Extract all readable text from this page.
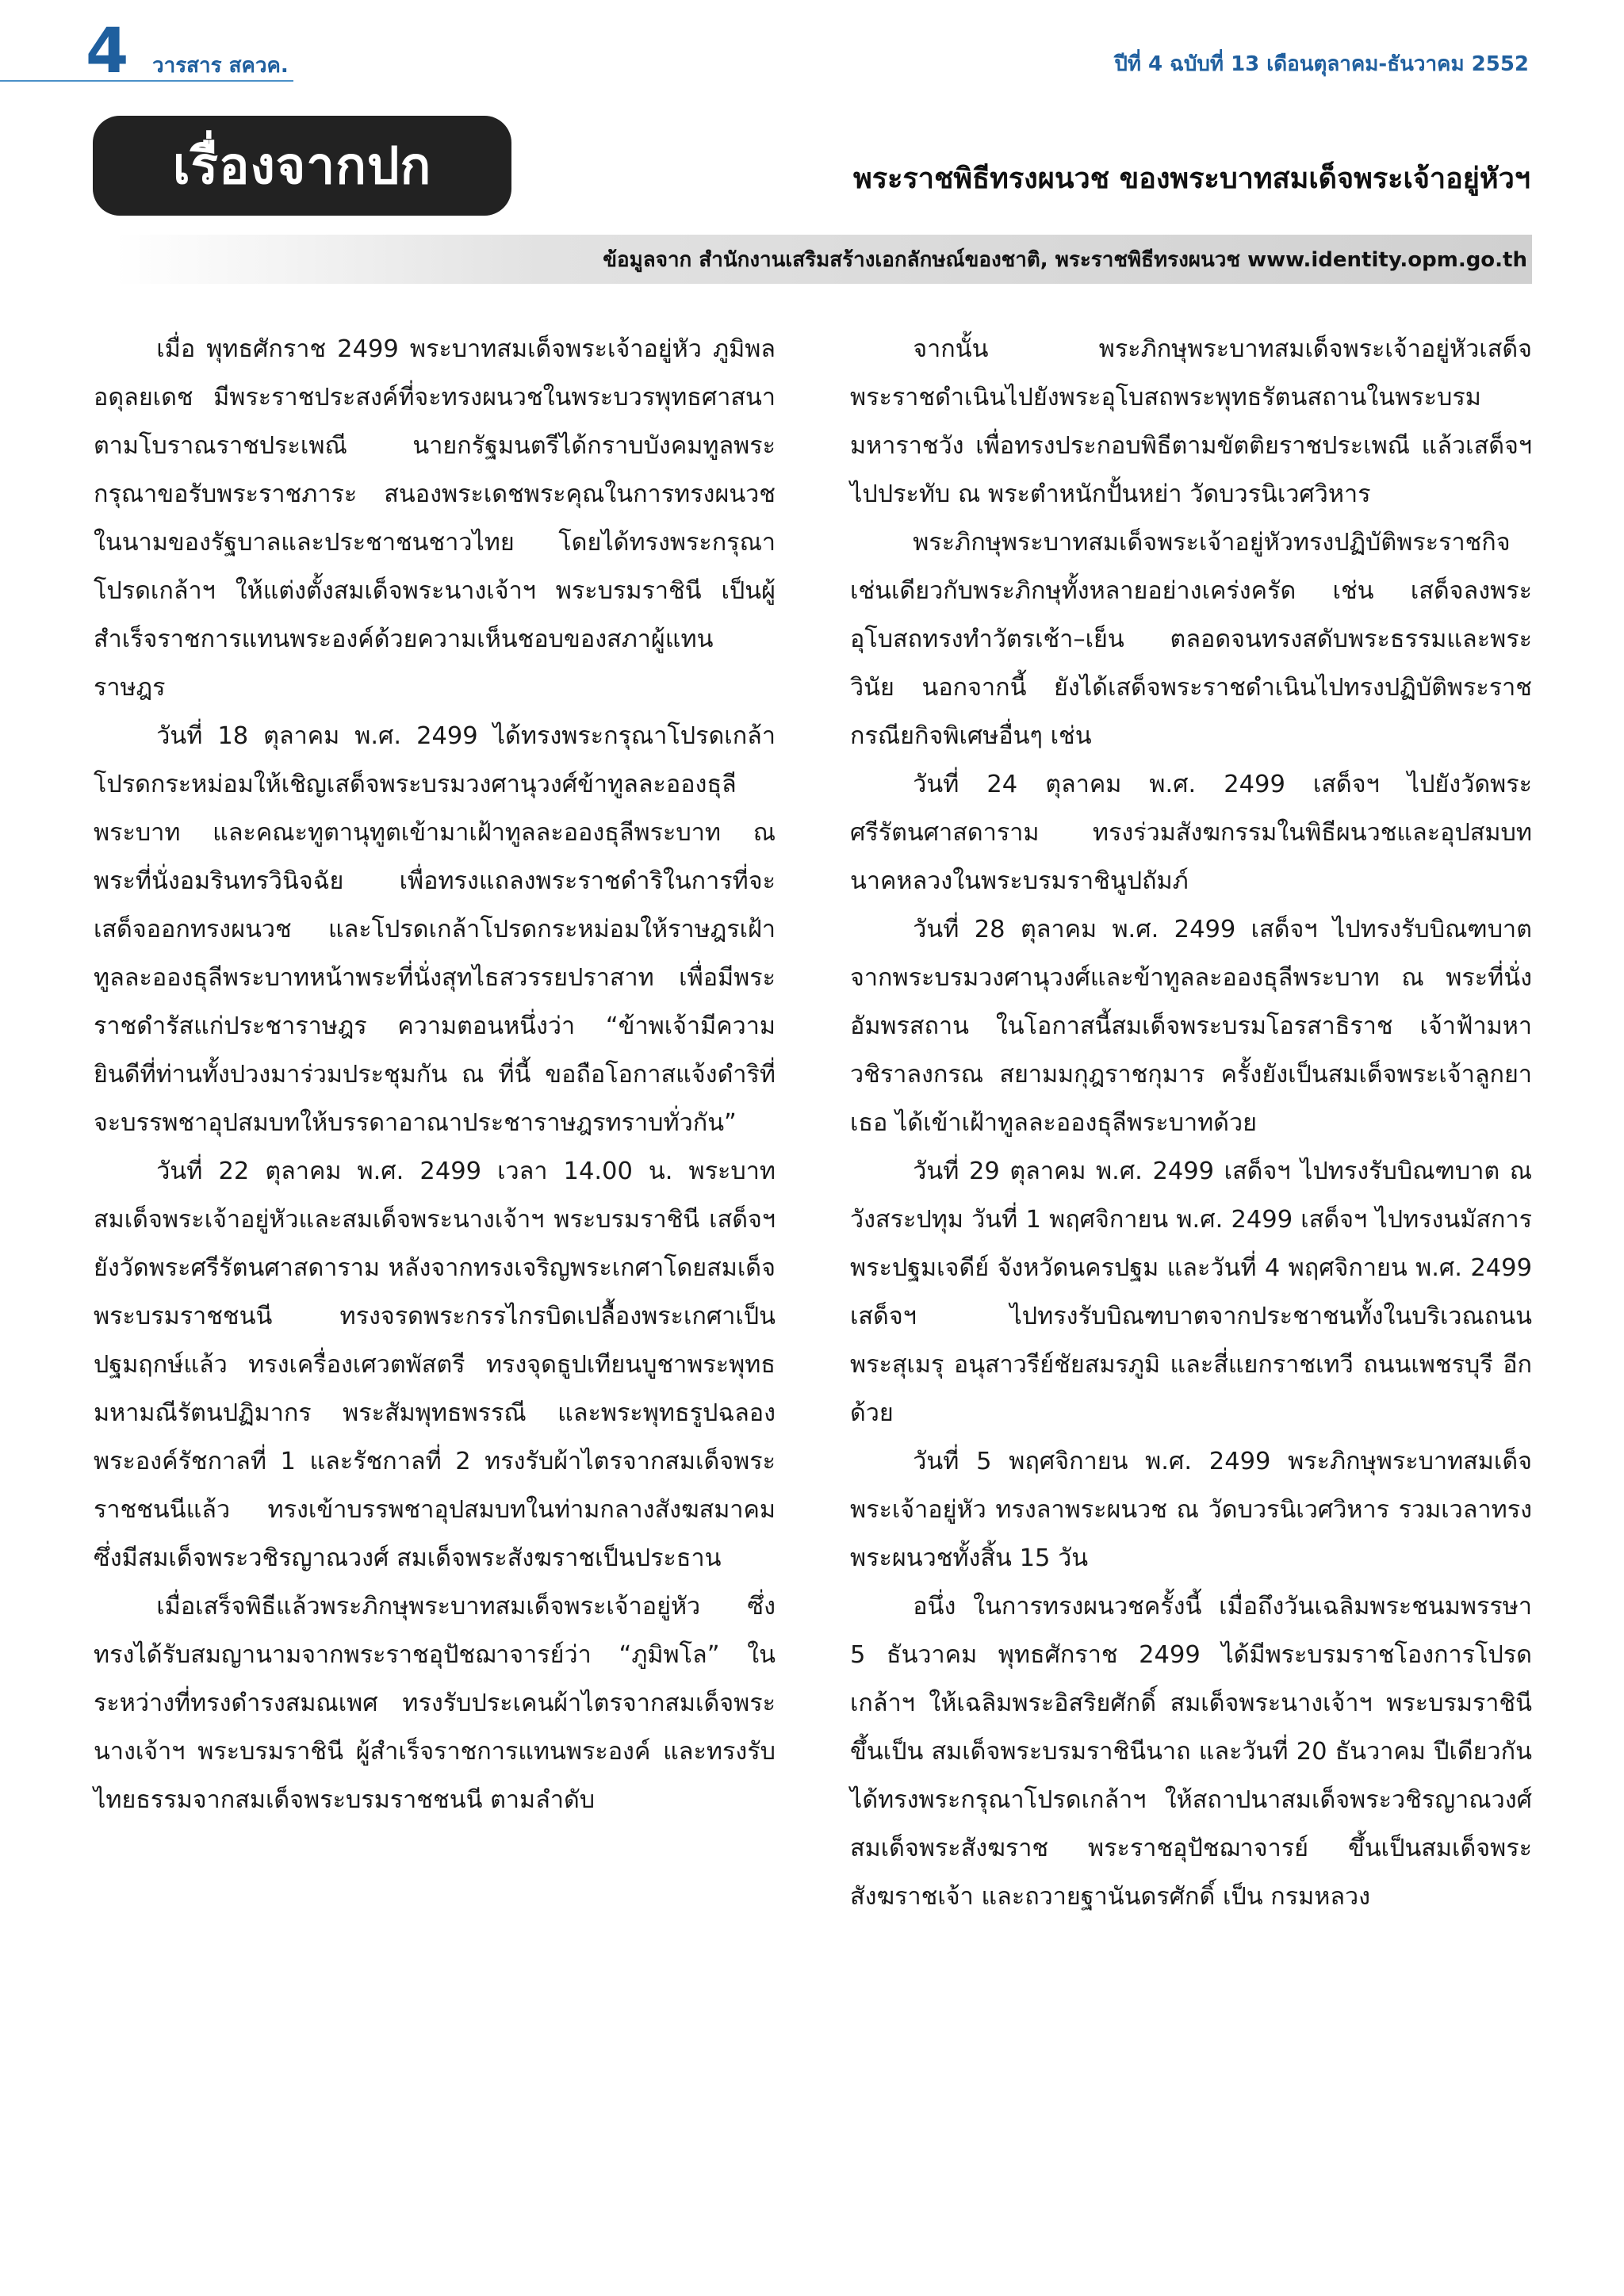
4 วารสาร สควค.	ปีที่ 4 ฉบับที่ 13 เดือนตุลาคม-ธันวาคม 2552
เรื่องจากปก	พระราชพิธีทรงผนวช ของพระบาทสมเด็จพระเจ้าอยู่หัวฯ
ข้อมูลจาก สำนักงานเสริมสร้างเอกลักษณ์ของชาติ, พระราชพิธีทรงผนวช www.identity.opm.go.th

เมื่อ พุทธศักราช 2499 พระบาทสมเด็จพระเจ้าอยู่หัว ภูมิพลอดุลยเดช มีพระราชประสงค์ที่จะทรงผนวชในพระบวรพุทธศาสนาตามโบราณราชประเพณี นายกรัฐมนตรีได้กราบบังคมทูลพระกรุณาขอรับพระราชภาระ สนองพระเดชพระคุณในการทรงผนวชในนามของรัฐบาลและประชาชนชาวไทย โดยได้ทรงพระกรุณาโปรดเกล้าฯ ให้แต่งตั้งสมเด็จพระนางเจ้าฯ พระบรมราชินี เป็นผู้สำเร็จราชการแทนพระองค์ด้วยความเห็นชอบของสภาผู้แทนราษฎร

วันที่ 18 ตุลาคม พ.ศ. 2499 ได้ทรงพระกรุณาโปรดเกล้าโปรดกระหม่อมให้เชิญเสด็จพระบรมวงศานุวงศ์ข้าทูลละอองธุลีพระบาท และคณะทูตานุทูตเข้ามาเฝ้าทูลละอองธุลีพระบาท ณ พระที่นั่งอมรินทรวินิจฉัย เพื่อทรงแถลงพระราชดำริในการที่จะเสด็จออกทรงผนวช และโปรดเกล้าโปรดกระหม่อมให้ราษฎรเฝ้าทูลละอองธุลีพระบาทหน้าพระที่นั่งสุทไธสวรรยปราสาท เพื่อมีพระราชดำรัสแก่ประชาราษฎร ความตอนหนึ่งว่า “ข้าพเจ้ามีความยินดีที่ท่านทั้งปวงมาร่วมประชุมกัน ณ ที่นี้ ขอถือโอกาสแจ้งดำริที่จะบรรพชาอุปสมบทให้บรรดาอาณาประชาราษฎรทราบทั่วกัน”

วันที่ 22 ตุลาคม พ.ศ. 2499 เวลา 14.00 น. พระบาทสมเด็จพระเจ้าอยู่หัวและสมเด็จพระนางเจ้าฯ พระบรมราชินี เสด็จฯ ยังวัดพระศรีรัตนศาสดาราม หลังจากทรงเจริญพระเกศาโดยสมเด็จพระบรมราชชนนี ทรงจรดพระกรรไกรบิดเปลื้องพระเกศาเป็นปฐมฤกษ์แล้ว ทรงเครื่องเศวตพัสตรี ทรงจุดธูปเทียนบูชาพระพุทธมหามณีรัตนปฏิมากร พระสัมพุทธพรรณี และพระพุทธรูปฉลองพระองค์รัชกาลที่ 1 และรัชกาลที่ 2 ทรงรับผ้าไตรจากสมเด็จพระราชชนนีแล้ว ทรงเข้าบรรพชาอุปสมบทในท่ามกลางสังฆสมาคม ซึ่งมีสมเด็จพระวชิรญาณวงศ์ สมเด็จพระสังฆราชเป็นประธาน

เมื่อเสร็จพิธีแล้วพระภิกษุพระบาทสมเด็จพระเจ้าอยู่หัว ซึ่งทรงได้รับสมญานามจากพระราชอุปัชฌาจารย์ว่า “ภูมิพโล” ในระหว่างที่ทรงดำรงสมณเพศ ทรงรับประเคนผ้าไตรจากสมเด็จพระนางเจ้าฯ พระบรมราชินี ผู้สำเร็จราชการแทนพระองค์ และทรงรับไทยธรรมจากสมเด็จพระบรมราชชนนี ตามลำดับ

จากนั้น พระภิกษุพระบาทสมเด็จพระเจ้าอยู่หัวเสด็จพระราชดำเนินไปยังพระอุโบสถพระพุทธรัตนสถานในพระบรมมหาราชวัง เพื่อทรงประกอบพิธีตามขัตติยราชประเพณี แล้วเสด็จฯ ไปประทับ ณ พระตำหนักปั้นหย่า วัดบวรนิเวศวิหาร

พระภิกษุพระบาทสมเด็จพระเจ้าอยู่หัวทรงปฏิบัติพระราชกิจ เช่นเดียวกับพระภิกษุทั้งหลายอย่างเคร่งครัด เช่น เสด็จลงพระอุโบสถทรงทำวัตรเช้า–เย็น ตลอดจนทรงสดับพระธรรมและพระวินัย นอกจากนี้ ยังได้เสด็จพระราชดำเนินไปทรงปฏิบัติพระราชกรณียกิจพิเศษอื่นๆ เช่น

วันที่ 24 ตุลาคม พ.ศ. 2499 เสด็จฯ ไปยังวัดพระศรีรัตนศาสดาราม ทรงร่วมสังฆกรรมในพิธีผนวชและอุปสมบทนาคหลวงในพระบรมราชินูปถัมภ์

วันที่ 28 ตุลาคม พ.ศ. 2499 เสด็จฯ ไปทรงรับบิณฑบาต จากพระบรมวงศานุวงศ์และข้าทูลละอองธุลีพระบาท ณ พระที่นั่งอัมพรสถาน ในโอกาสนี้สมเด็จพระบรมโอรสาธิราช เจ้าฟ้ามหาวชิราลงกรณ สยามมกุฎราชกุมาร ครั้งยังเป็นสมเด็จพระเจ้าลูกยาเธอ ได้เข้าเฝ้าทูลละอองธุลีพระบาทด้วย

วันที่ 29 ตุลาคม พ.ศ. 2499 เสด็จฯ ไปทรงรับบิณฑบาต ณ วังสระปทุม วันที่ 1 พฤศจิกายน พ.ศ. 2499 เสด็จฯ ไปทรงนมัสการพระปฐมเจดีย์ จังหวัดนครปฐม และวันที่ 4 พฤศจิกายน พ.ศ. 2499 เสด็จฯ ไปทรงรับบิณฑบาตจากประชาชนทั้งในบริเวณถนนพระสุเมรุ อนุสาวรีย์ชัยสมรภูมิ และสี่แยกราชเทวี ถนนเพชรบุรี อีกด้วย

วันที่ 5 พฤศจิกายน พ.ศ. 2499 พระภิกษุพระบาทสมเด็จพระเจ้าอยู่หัว ทรงลาพระผนวช ณ วัดบวรนิเวศวิหาร รวมเวลาทรงพระผนวชทั้งสิ้น 15 วัน

อนึ่ง ในการทรงผนวชครั้งนี้ เมื่อถึงวันเฉลิมพระชนมพรรษา 5 ธันวาคม พุทธศักราช 2499 ได้มีพระบรมราชโองการโปรดเกล้าฯ ให้เฉลิมพระอิสริยศักดิ์ สมเด็จพระนางเจ้าฯ พระบรมราชินี ขึ้นเป็น สมเด็จพระบรมราชินีนาถ และวันที่ 20 ธันวาคม ปีเดียวกัน ได้ทรงพระกรุณาโปรดเกล้าฯ ให้สถาปนาสมเด็จพระวชิรญาณวงศ์ สมเด็จพระสังฆราช พระราชอุปัชฌาจารย์ ขึ้นเป็นสมเด็จพระสังฆราชเจ้า และถวายฐานันดรศักดิ์ เป็น กรมหลวง
